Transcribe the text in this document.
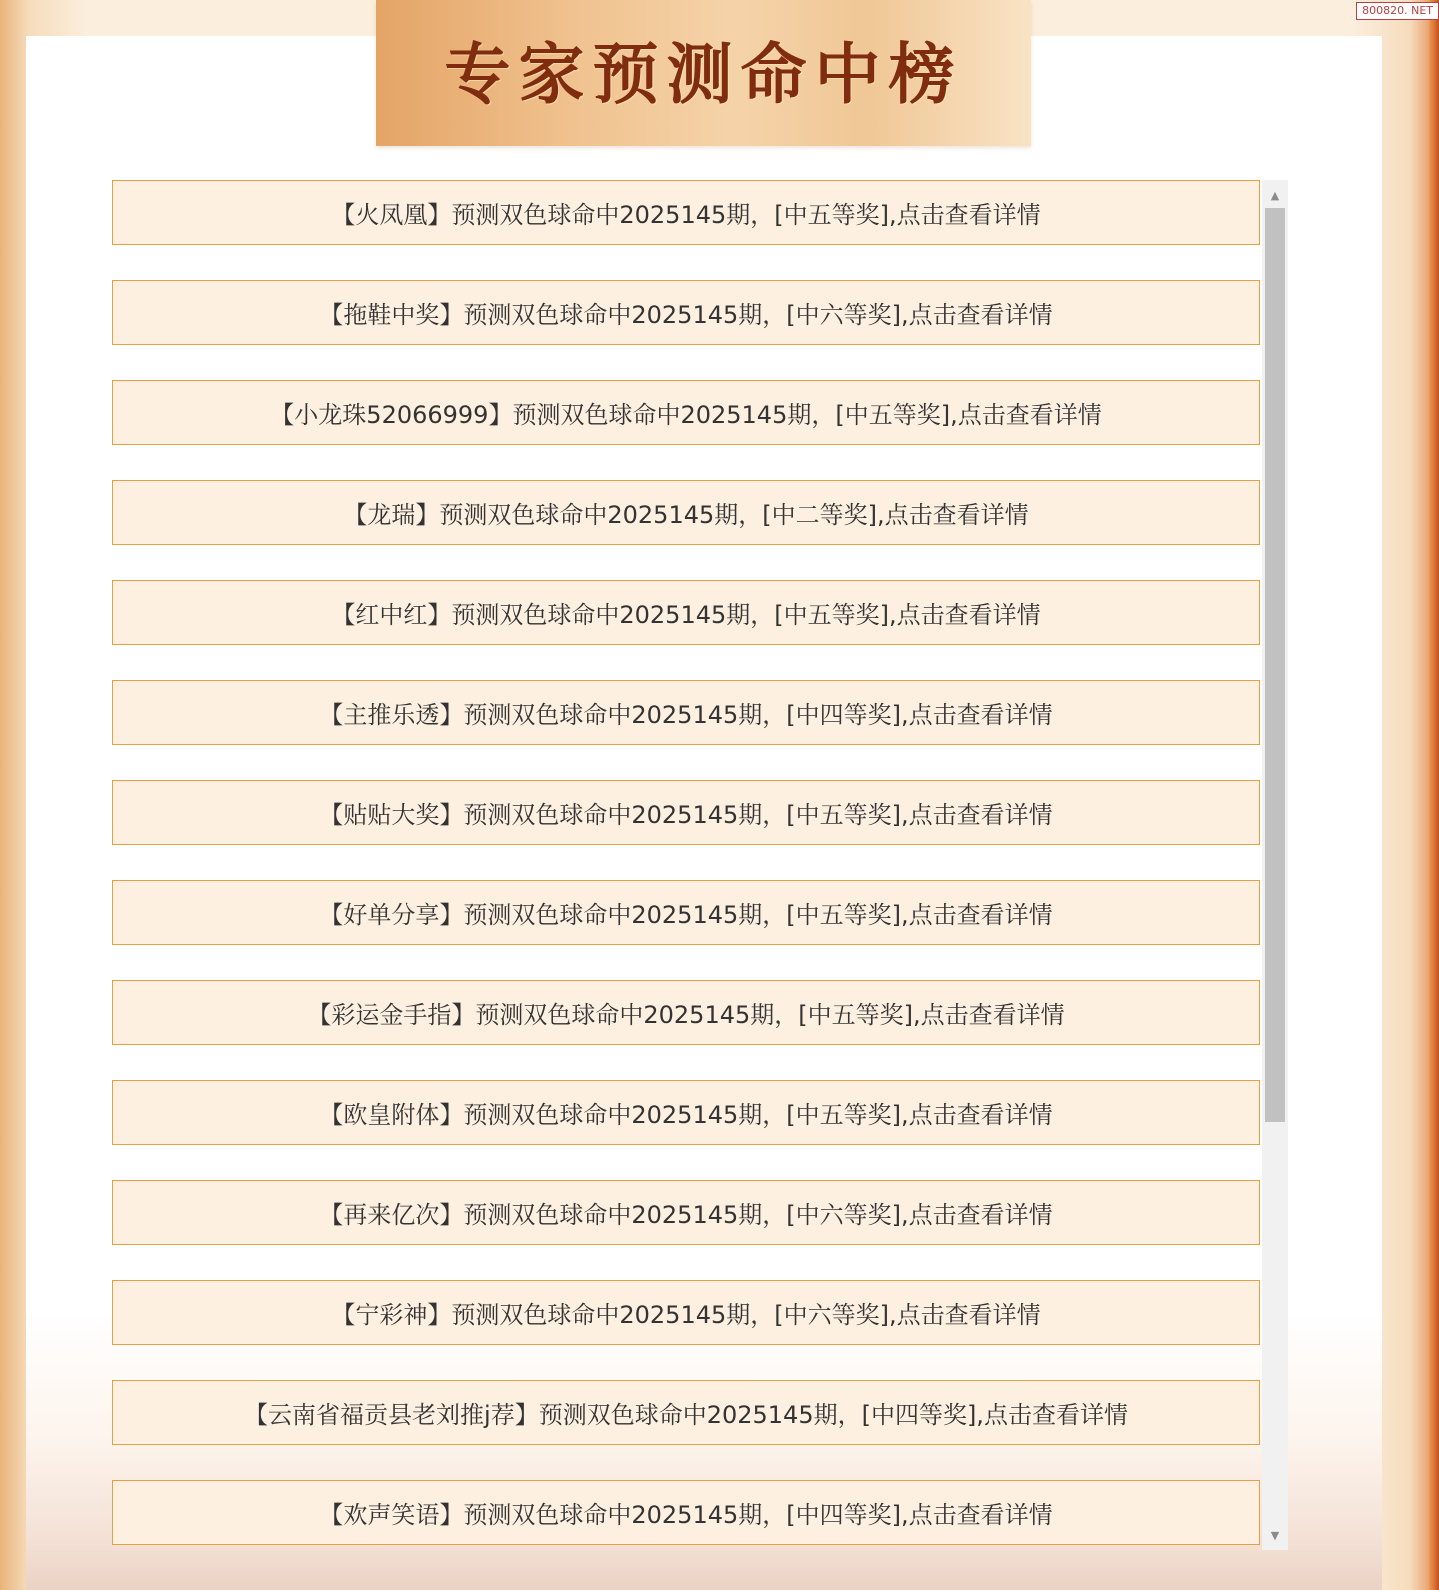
专家预测命中榜
800820. NET
【火凤凰】预测双色球命中2025145期，[中五等奖],点击查看详情
【拖鞋中奖】预测双色球命中2025145期，[中六等奖],点击查看详情
【小龙珠52066999】预测双色球命中2025145期，[中五等奖],点击查看详情
【龙瑞】预测双色球命中2025145期，[中二等奖],点击查看详情
【红中红】预测双色球命中2025145期，[中五等奖],点击查看详情
【主推乐透】预测双色球命中2025145期，[中四等奖],点击查看详情
【贴贴大奖】预测双色球命中2025145期，[中五等奖],点击查看详情
【好单分享】预测双色球命中2025145期，[中五等奖],点击查看详情
【彩运金手指】预测双色球命中2025145期，[中五等奖],点击查看详情
【欧皇附体】预测双色球命中2025145期，[中五等奖],点击查看详情
【再来亿次】预测双色球命中2025145期，[中六等奖],点击查看详情
【宁彩神】预测双色球命中2025145期，[中六等奖],点击查看详情
【云南省福贡县老刘推j荐】预测双色球命中2025145期，[中四等奖],点击查看详情
【欢声笑语】预测双色球命中2025145期，[中四等奖],点击查看详情
▲
▼
